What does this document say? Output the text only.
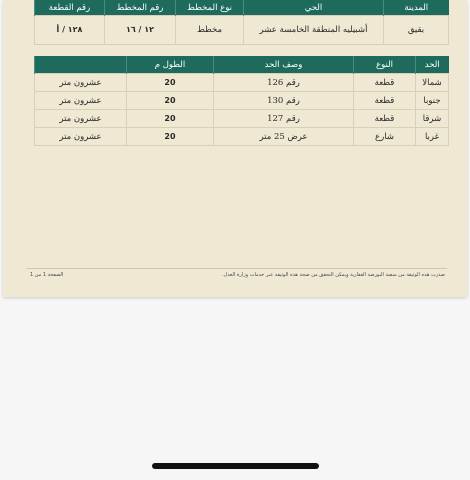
المدينة	الحي	نوع المخطط	رقم المخطط	رقم القطعة
بقيق	أشبيليه المنطقة الخامسة عشر	مخطط	١٢ / ١٦	١٢٨ / أ
الحد	النوع	وصف الحد	الطول م	
شمالا	قطعة	رقم 126	20	عشرون متر
جنوبا	قطعة	رقم 130	20	عشرون متر
شرقا	قطعة	رقم 127	20	عشرون متر
غربا	شارع	عرض 25 متر	20	عشرون متر
صدرت هذه الوثيقة من منصة البورصة العقارية ويمكن التحقق من صحة هذه الوثيقة عبر خدمات وزارة العدل.
الصفحة 1 من 1
